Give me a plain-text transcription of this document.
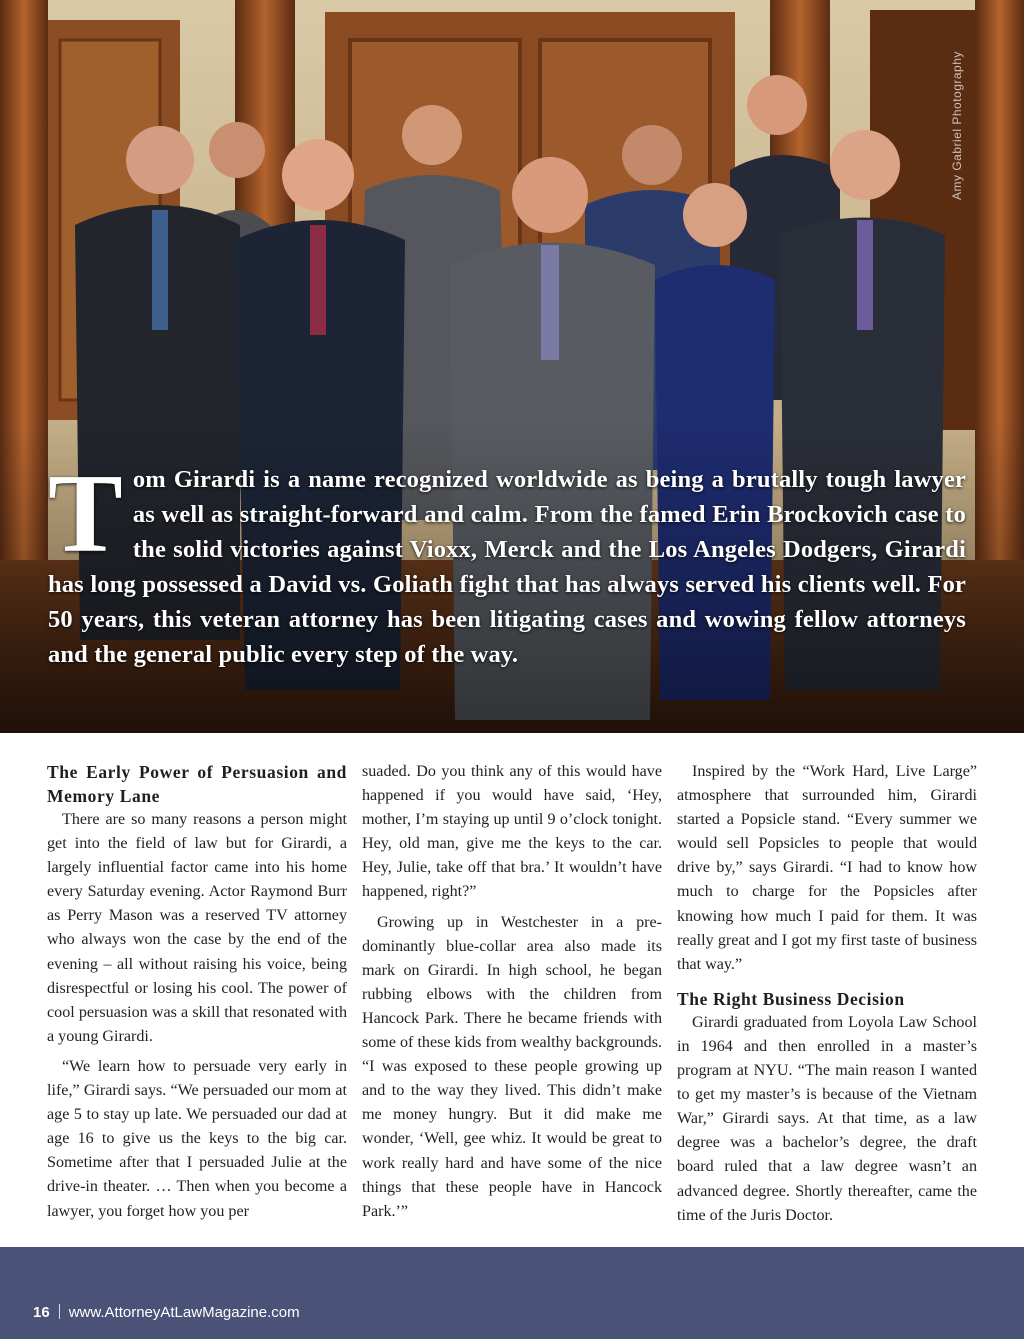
Amy Gabriel Photography
Tom Girardi is a name recognized worldwide as being a brutally tough lawyer as well as straight-forward and calm. From the famed Erin Brockovich case to the solid victories against Vioxx, Merck and the Los Angeles Dodgers, Girardi has long possessed a David vs. Goliath fight that has always served his clients well. For 50 years, this veteran attorney has been litigating cases and wowing fellow attorneys and the general public every step of the way.
The Early Power of Persuasion and Memory Lane

There are so many reasons a person might get into the field of law but for Girardi, a largely influential factor came into his home every Saturday evening. Actor Raymond Burr as Perry Mason was a reserved TV attorney who always won the case by the end of the evening – all without raising his voice, being disrespectful or losing his cool. The power of cool persuasion was a skill that resonated with a young Girardi.

“We learn how to persuade very early in life,” Girardi says. “We persuaded our mom at age 5 to stay up late. We persuaded our dad at age 16 to give us the keys to the big car. Sometime after that I persuaded Julie at the drive-in theater. … Then when you become a lawyer, you forget how you per

suaded. Do you think any of this would have happened if you would have said, ‘Hey, mother, I’m staying up until 9 o’clock tonight. Hey, old man, give me the keys to the car. Hey, Julie, take off that bra.’ It wouldn’t have happened, right?”

Growing up in Westchester in a predominantly blue-collar area also made its mark on Girardi. In high school, he began rubbing elbows with the children from Hancock Park. There he became friends with some of these kids from wealthy backgrounds. “I was exposed to these people growing up and to the way they lived. This didn’t make me money hungry. But it did make me wonder, ‘Well, gee whiz. It would be great to work really hard and have some of the nice things that these people have in Hancock Park.’”

Inspired by the “Work Hard, Live Large” atmosphere that surrounded him, Girardi started a Popsicle stand. “Every summer we would sell Popsicles to people that would drive by,” says Girardi. “I had to know how much to charge for the Popsicles after knowing how much I paid for them. It was really great and I got my first taste of business that way.”

The Right Business Decision

Girardi graduated from Loyola Law School in 1964 and then enrolled in a master’s program at NYU. “The main reason I wanted to get my master’s is because of the Vietnam War,” Girardi says. At that time, as a law degree was a bachelor’s degree, the draft board ruled that a law degree wasn’t an advanced degree. Shortly thereafter, came the time of the Juris Doctor.

16 www.AttorneyAtLawMagazine.com
